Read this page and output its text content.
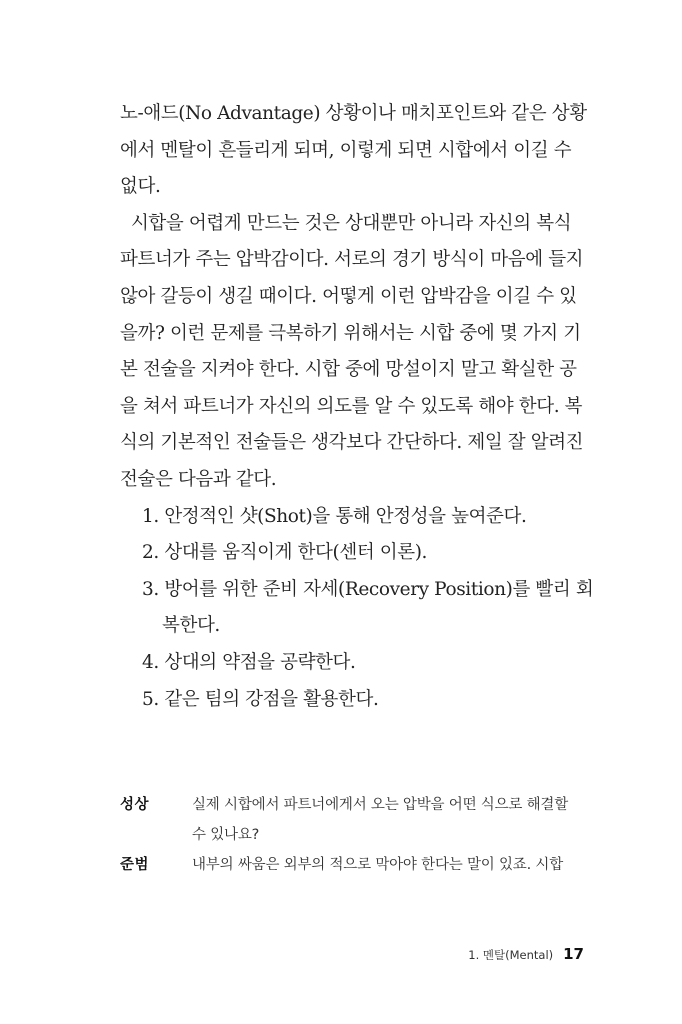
노-애드(No Advantage) 상황이나 매치포인트와 같은 상황
에서 멘탈이 흔들리게 되며, 이렇게 되면 시합에서 이길 수
없다.
시합을 어렵게 만드는 것은 상대뿐만 아니라 자신의 복식
파트너가 주는 압박감이다. 서로의 경기 방식이 마음에 들지
않아 갈등이 생길 때이다. 어떻게 이런 압박감을 이길 수 있
을까? 이런 문제를 극복하기 위해서는 시합 중에 몇 가지 기
본 전술을 지켜야 한다. 시합 중에 망설이지 말고 확실한 공
을 쳐서 파트너가 자신의 의도를 알 수 있도록 해야 한다. 복
식의 기본적인 전술들은 생각보다 간단하다. 제일 잘 알려진
전술은 다음과 같다.
1. 안정적인 샷(Shot)을 통해 안정성을 높여준다.
2. 상대를 움직이게 한다(센터 이론).
3. 방어를 위한 준비 자세(Recovery Position)를 빨리 회
복한다.
4. 상대의 약점을 공략한다.
5. 같은 팀의 강점을 활용한다.
성상	실제 시합에서 파트너에게서 오는 압박을 어떤 식으로 해결할
수 있나요?
준범	내부의 싸움은 외부의 적으로 막아야 한다는 말이 있죠. 시합
1. 멘탈(Mental) 17
